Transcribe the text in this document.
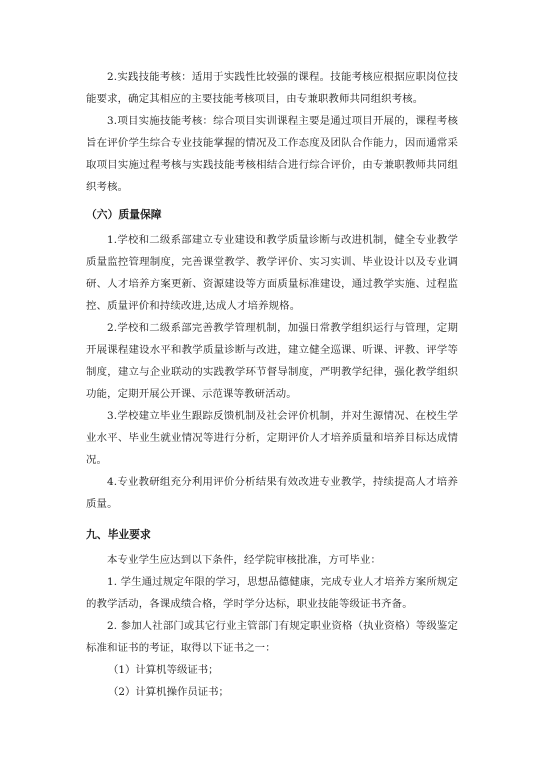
2.实践技能考核：适用于实践性比较强的课程。技能考核应根据应职岗位技能要求，确定其相应的主要技能考核项目，由专兼职教师共同组织考核。

3.项目实施技能考核：综合项目实训课程主要是通过项目开展的，课程考核旨在评价学生综合专业技能掌握的情况及工作态度及团队合作能力，因而通常采取项目实施过程考核与实践技能考核相结合进行综合评价，由专兼职教师共同组织考核。

（六）质量保障

1.学校和二级系部建立专业建设和教学质量诊断与改进机制，健全专业教学质量监控管理制度，完善课堂教学、教学评价、实习实训、毕业设计以及专业调研、人才培养方案更新、资源建设等方面质量标准建设，通过教学实施、过程监控、质量评价和持续改进,达成人才培养规格。

2.学校和二级系部完善教学管理机制，加强日常教学组织运行与管理，定期开展课程建设水平和教学质量诊断与改进，建立健全巡课、听课、评教、评学等制度，建立与企业联动的实践教学环节督导制度，严明教学纪律，强化教学组织功能，定期开展公开课、示范课等教研活动。

3.学校建立毕业生跟踪反馈机制及社会评价机制，并对生源情况、在校生学业水平、毕业生就业情况等进行分析，定期评价人才培养质量和培养目标达成情况。

4.专业教研组充分利用评价分析结果有效改进专业教学，持续提高人才培养质量。

九、毕业要求

本专业学生应达到以下条件，经学院审核批准，方可毕业：

1. 学生通过规定年限的学习，思想品德健康，完成专业人才培养方案所规定的教学活动，各课成绩合格，学时学分达标，职业技能等级证书齐备。

2. 参加人社部门或其它行业主管部门有规定职业资格（执业资格）等级鉴定标准和证书的考证，取得以下证书之一：

（1）计算机等级证书；

（2）计算机操作员证书；
